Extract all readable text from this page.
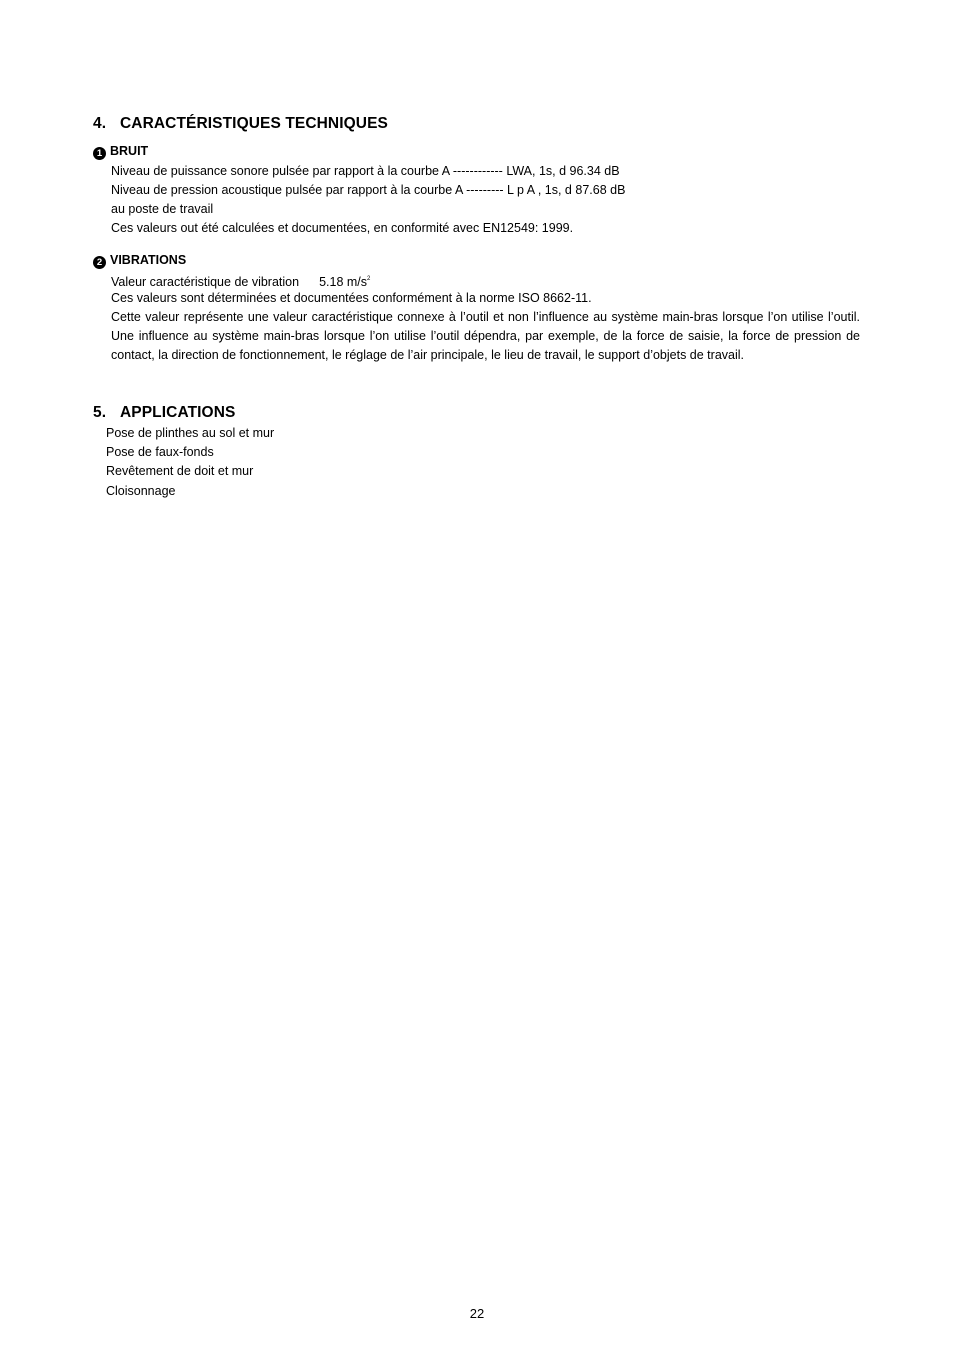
4. CARACTÉRISTIQUES TECHNIQUES
1 BRUIT
Niveau de puissance sonore pulsée par rapport à la courbe A ------------ LWA, 1s, d 96.34 dB
Niveau de pression acoustique pulsée par rapport à la courbe A --------- L p A , 1s, d 87.68 dB
au poste de travail
Ces valeurs out été calculées et documentées, en conformité avec EN12549: 1999.
2 VIBRATIONS
Valeur caractéristique de vibration 5.18 $m/s^2$
Ces valeurs sont déterminées et documentées conformément à la norme ISO 8662-11.
Cette valeur représente une valeur caractéristique connexe à l’outil et non l’influence au système main-bras lorsque l’on utilise l’outil. Une influence au système main-bras lorsque l’on utilise l’outil dépendra, par exemple, de la force de saisie, la force de pression de contact, la direction de fonctionnement, le réglage de l’air principale, le lieu de travail, le support d’objets de travail.
5. APPLICATIONS
Pose de plinthes au sol et mur
Pose de faux-fonds
Revêtement de doit et mur
Cloisonnage
22
